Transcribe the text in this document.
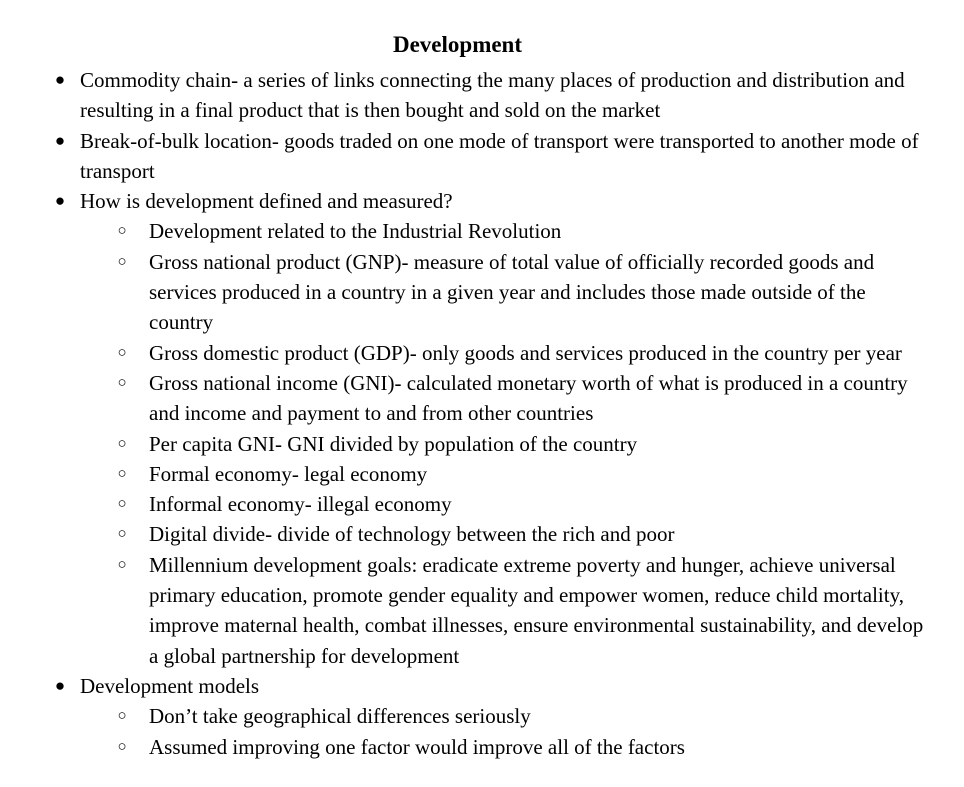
Development
● Commodity chain- a series of links connecting the many places of production and distribution and resulting in a final product that is then bought and sold on the market
● Break-of-bulk location- goods traded on one mode of transport were transported to another mode of transport
● How is development defined and measured?
○ Development related to the Industrial Revolution
○ Gross national product (GNP)- measure of total value of officially recorded goods and services produced in a country in a given year and includes those made outside of the country
○ Gross domestic product (GDP)- only goods and services produced in the country per year
○ Gross national income (GNI)- calculated monetary worth of what is produced in a country and income and payment to and from other countries
○ Per capita GNI- GNI divided by population of the country
○ Formal economy- legal economy
○ Informal economy- illegal economy
○ Digital divide- divide of technology between the rich and poor
○ Millennium development goals: eradicate extreme poverty and hunger, achieve universal primary education, promote gender equality and empower women, reduce child mortality, improve maternal health, combat illnesses, ensure environmental sustainability, and develop a global partnership for development
● Development models
○ Don’t take geographical differences seriously
○ Assumed improving one factor would improve all of the factors
